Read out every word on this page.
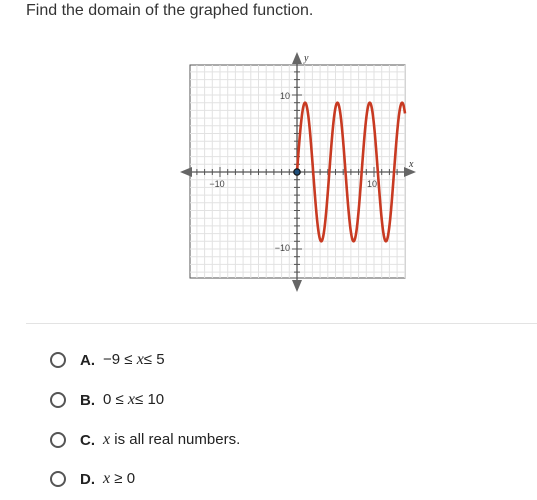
Find the domain of the graphed function.
−10	10
10
−10
y
x
A. −9 ≤ x≤ 5
B. 0 ≤ x≤ 10
C. x is all real numbers.
D. x ≥ 0
